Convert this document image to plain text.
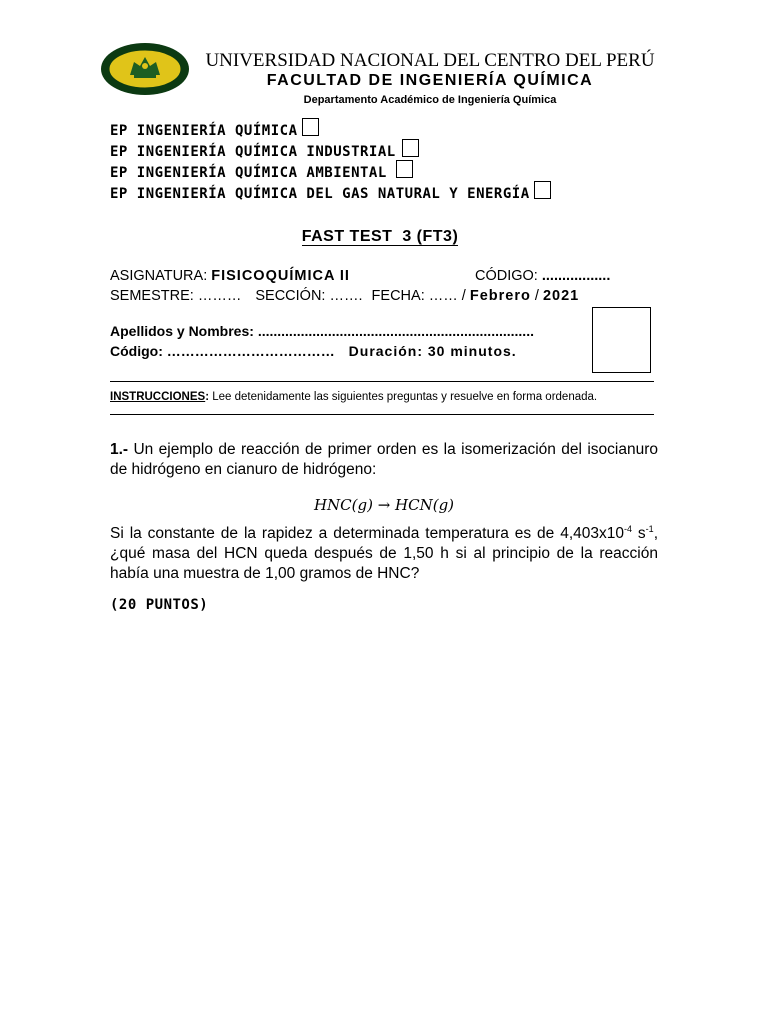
UNIVERSIDAD NACIONAL DEL CENTRO DEL PERÚ
FACULTAD DE INGENIERÍA QUÍMICA
Departamento Académico de Ingeniería Química
EP INGENIERÍA QUÍMICA
EP INGENIERÍA QUÍMICA INDUSTRIAL
EP INGENIERÍA QUÍMICA AMBIENTAL
EP INGENIERÍA QUÍMICA DEL GAS NATURAL Y ENERGÍA
FAST TEST  3 (FT3)
ASIGNATURA: FISICOQUÍMICA II	CÓDIGO: .................
SEMESTRE: ……… SECCIÓN: ……. FECHA: …… / Febrero / 2021
Apellidos y Nombres: .......................................................................
Código: ……………………………… Duración: 30 minutos.
INSTRUCCIONES: Lee detenidamente las siguientes preguntas y resuelve en forma ordenada.
1.- Un ejemplo de reacción de primer orden es la isomerización del isocianuro de hidrógeno en cianuro de hidrógeno:
HNC(g) → HCN(g)
Si la constante de la rapidez a determinada temperatura es de $4,403x10^{-4}$ $s^{-1}$, ¿qué masa del HCN queda después de 1,50 h si al principio de la reacción había una muestra de 1,00 gramos de HNC?
(20 PUNTOS)
